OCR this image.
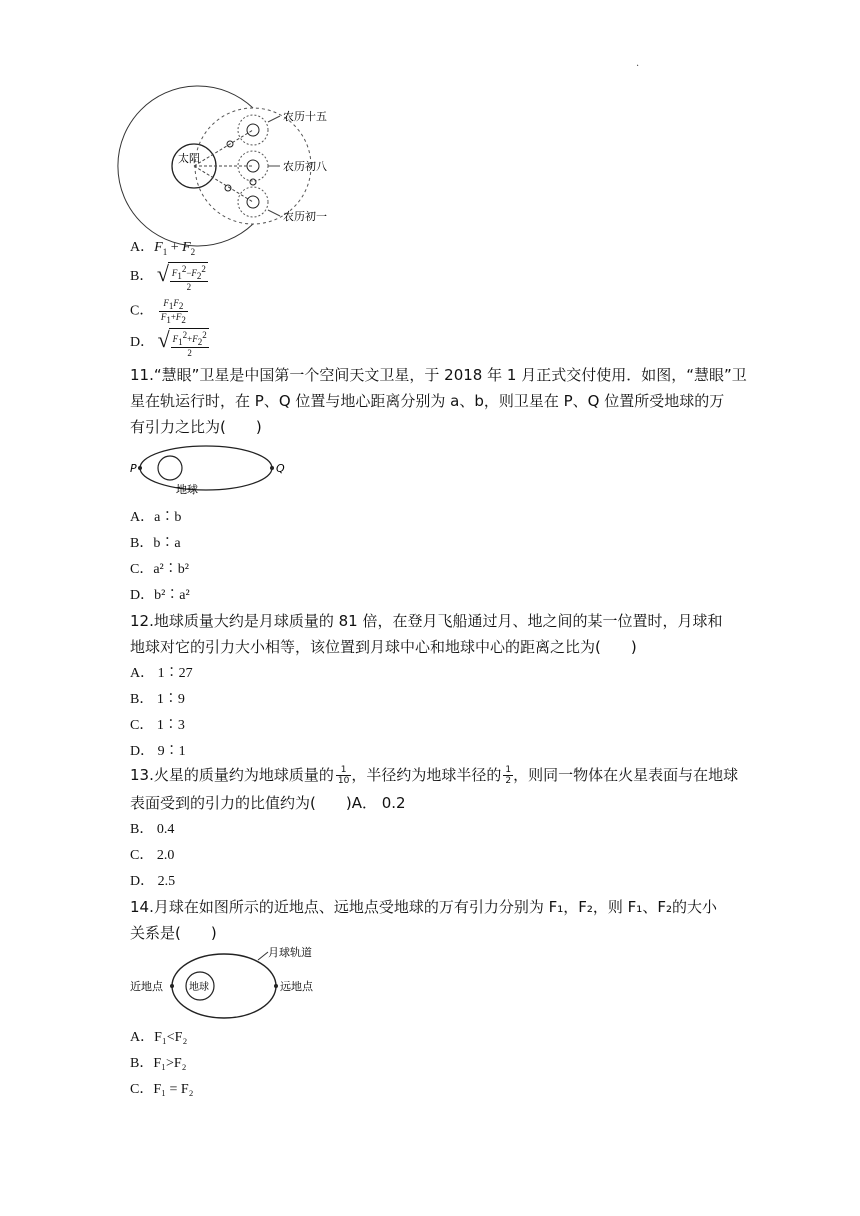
.
太阳
农历十五
农历初八
农历初一
A．$F_1 + F_2$
B． √ $\frac{F_1^2-F_2^2}{2}$
C． $\frac{F_1F_2}{F_1+F_2}$
D． √ $\frac{F_1^2+F_2^2}{2}$
11.“慧眼”卫星是中国第一个空间天文卫星，于 2018 年 1 月正式交付使用．如图，“慧眼”卫
星在轨运行时，在 P、Q 位置与地心距离分别为 a、b，则卫星在 P、Q 位置所受地球的万
有引力之比为(　　)
P	Q
地球
A．a∶b
B．b∶a
C．a²∶b²
D．b²∶a²
12.地球质量大约是月球质量的 81 倍，在登月飞船通过月、地之间的某一位置时，月球和
地球对它的引力大小相等，该位置到月球中心和地球中心的距离之比为(　　)
A． 1∶27
B． 1∶9
C． 1∶3
D． 9∶1
13.火星的质量约为地球质量的 $\frac{1}{10}$ ，半径约为地球半径的 $\frac{1}{2}$ ，则同一物体在火星表面与在地球
表面受到的引力的比值约为(　　)A． 0.2
B． 0.4
C． 2.0
D． 2.5
14.月球在如图所示的近地点、远地点受地球的万有引力分别为 F₁，F₂，则 F₁、F₂的大小
关系是(　　)
月球轨道
近地点	地球	远地点
A．F₁<F₂
B．F₁>F₂
C．F₁ = F₂
